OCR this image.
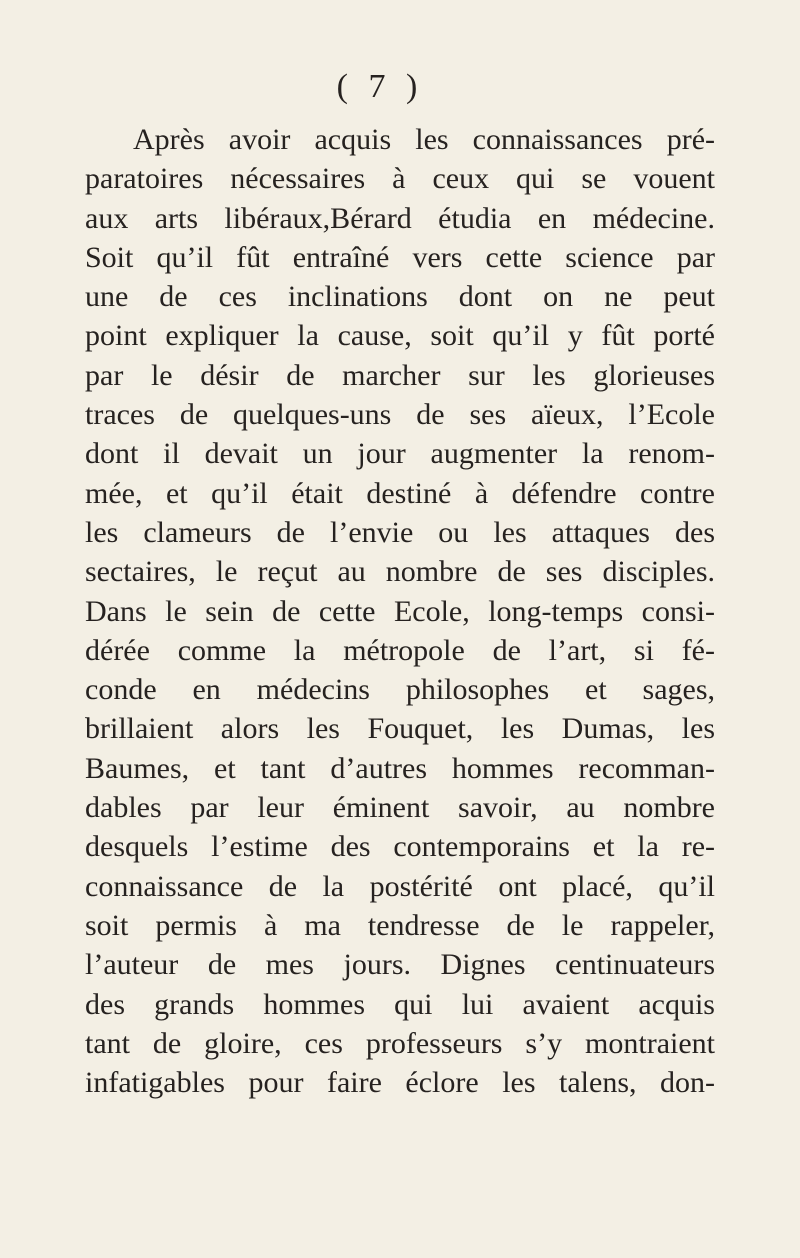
( 7 )
Après avoir acquis les connaissances pré-
paratoires nécessaires à ceux qui se vouent
aux arts libéraux,Bérard étudia en médecine.
Soit qu’il fût entraîné vers cette science par
une de ces inclinations dont on ne peut
point expliquer la cause, soit qu’il y fût porté
par le désir de marcher sur les glorieuses
traces de quelques-uns de ses aïeux, l’Ecole
dont il devait un jour augmenter la renom-
mée, et qu’il était destiné à défendre contre
les clameurs de l’envie ou les attaques des
sectaires, le reçut au nombre de ses disciples.
Dans le sein de cette Ecole, long-temps consi-
dérée comme la métropole de l’art, si fé-
conde en médecins philosophes et sages,
brillaient alors les Fouquet, les Dumas, les
Baumes, et tant d’autres hommes recomman-
dables par leur éminent savoir, au nombre
desquels l’estime des contemporains et la re-
connaissance de la postérité ont placé, qu’il
soit permis à ma tendresse de le rappeler,
l’auteur de mes jours. Dignes centinuateurs
des grands hommes qui lui avaient acquis
tant de gloire, ces professeurs s’y montraient
infatigables pour faire éclore les talens, don-
